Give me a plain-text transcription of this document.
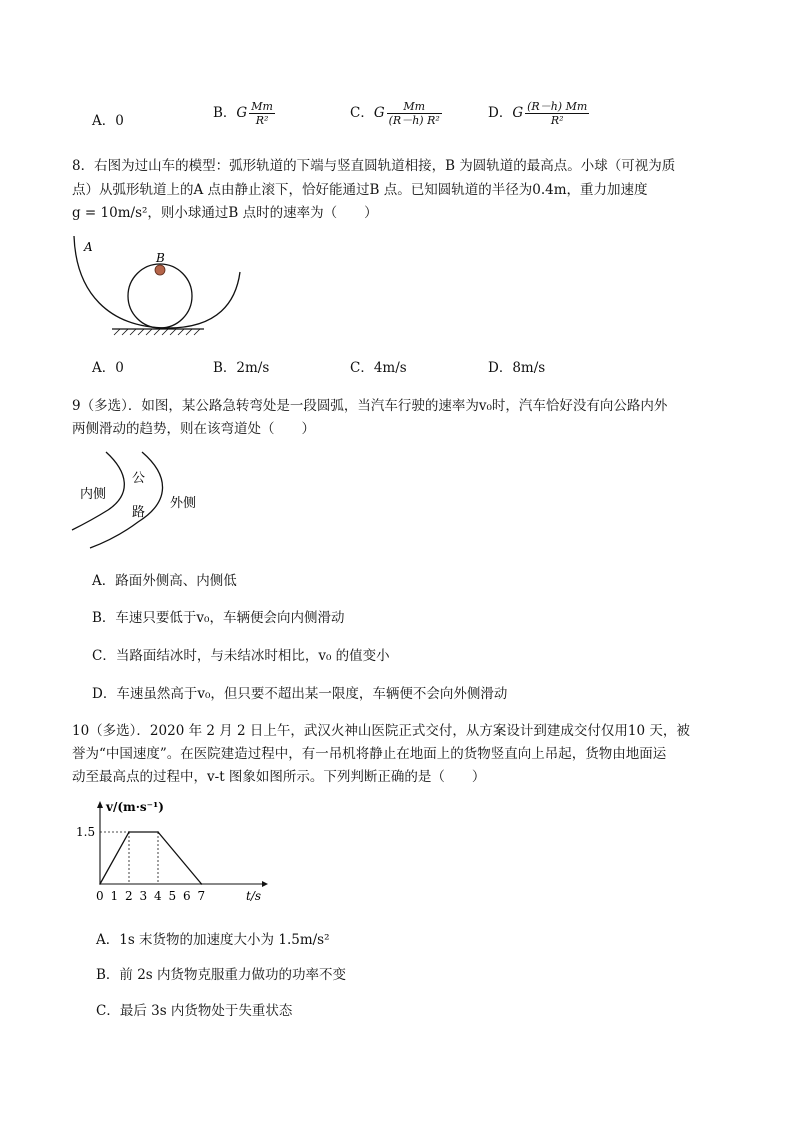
A．0	B．G $\frac{Mm}{\text{R²}}$	C．G $\frac{Mm}{\text{(R－h) R²}}$	D．G $\frac{(R-h) Mm}{\text{R²}}$
8．右图为过山车的模型：弧形轨道的下端与竖直圆轨道相接，B 为圆轨道的最高点。小球（可视为质
点）从弧形轨道上的A 点由静止滚下，恰好能通过B 点。已知圆轨道的半径为0.4m，重力加速度
g = 10m/s²，则小球通过B 点时的速率为（　　）
A
B
A．0	B．2m/s	C．4m/s	D．8m/s
9（多选）．如图，某公路急转弯处是一段圆弧，当汽车行驶的速率为v₀时，汽车恰好没有向公路内外
两侧滑动的趋势，则在该弯道处（　　）
内侧
公
路
外侧
A．路面外侧高、内侧低
B．车速只要低于v₀，车辆便会向内侧滑动
C．当路面结冰时，与未结冰时相比，v₀ 的值变小
D．车速虽然高于v₀，但只要不超出某一限度，车辆便不会向外侧滑动
10（多选）．2020 年 2 月 2 日上午，武汉火神山医院正式交付，从方案设计到建成交付仅用10 天，被
誉为“中国速度”。在医院建造过程中，有一吊机将静止在地面上的货物竖直向上吊起，货物由地面运
动至最高点的过程中，v-t 图象如图所示。下列判断正确的是（　　）
v/(m·s⁻¹)
t/s
1.5
0 1 2 3 4 5 6 7
A．1s 末货物的加速度大小为 1.5m/s²
B．前 2s 内货物克服重力做功的功率不变
C．最后 3s 内货物处于失重状态
